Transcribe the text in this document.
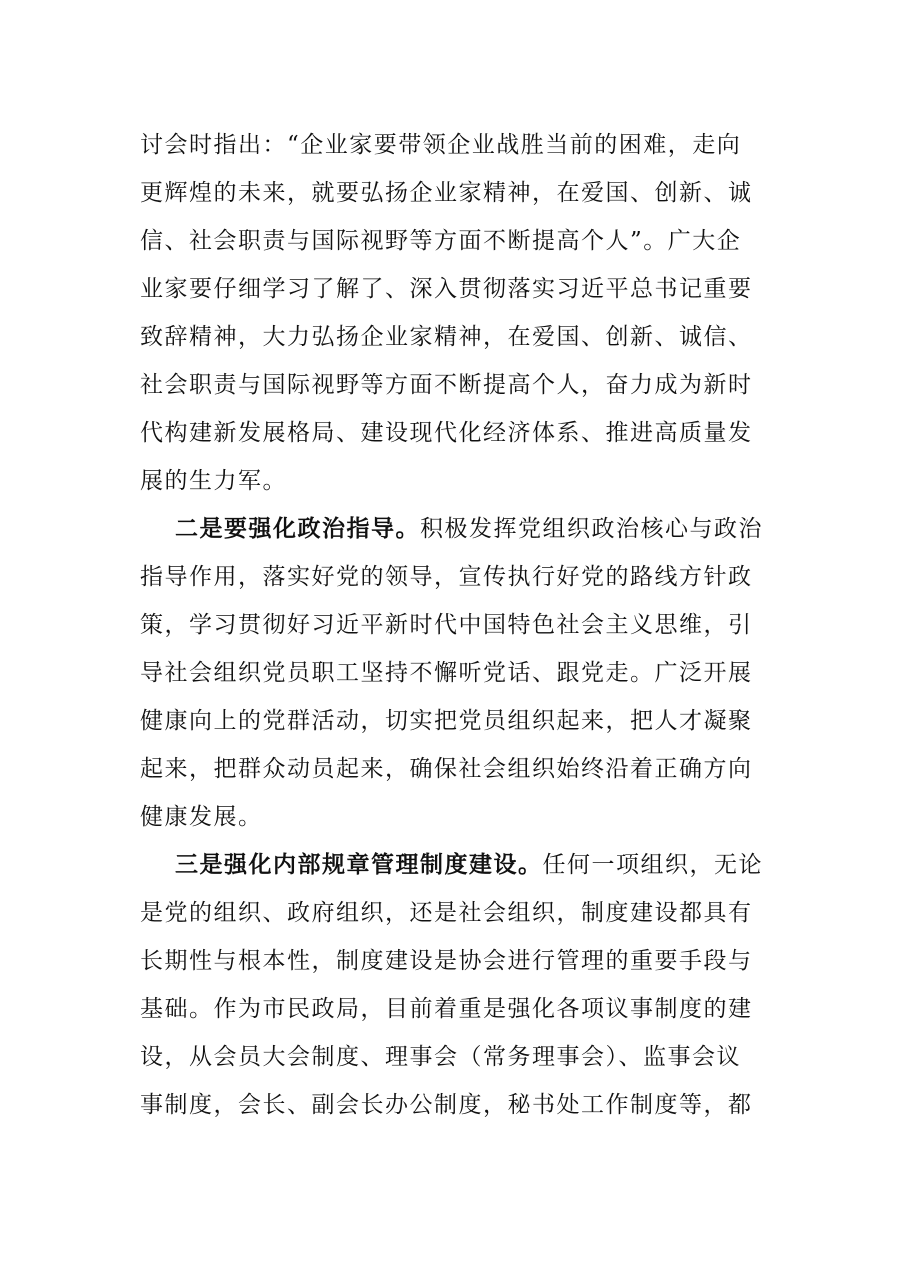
讨会时指出：“企业家要带领企业战胜当前的困难，走向
更辉煌的未来，就要弘扬企业家精神，在爱国、创新、诚
信、社会职责与国际视野等方面不断提高个人”。广大企
业家要仔细学习了解了、深入贯彻落实习近平总书记重要
致辞精神，大力弘扬企业家精神，在爱国、创新、诚信、
社会职责与国际视野等方面不断提高个人，奋力成为新时
代构建新发展格局、建设现代化经济体系、推进高质量发
展的生力军。
二是要强化政治指导。积极发挥党组织政治核心与政治
指导作用，落实好党的领导，宣传执行好党的路线方针政
策，学习贯彻好习近平新时代中国特色社会主义思维，引
导社会组织党员职工坚持不懈听党话、跟党走。广泛开展
健康向上的党群活动，切实把党员组织起来，把人才凝聚
起来，把群众动员起来，确保社会组织始终沿着正确方向
健康发展。
三是强化内部规章管理制度建设。任何一项组织，无论
是党的组织、政府组织，还是社会组织，制度建设都具有
长期性与根本性，制度建设是协会进行管理的重要手段与
基础。作为市民政局，目前着重是强化各项议事制度的建
设，从会员大会制度、理事会（常务理事会）、监事会议
事制度，会长、副会长办公制度，秘书处工作制度等，都
